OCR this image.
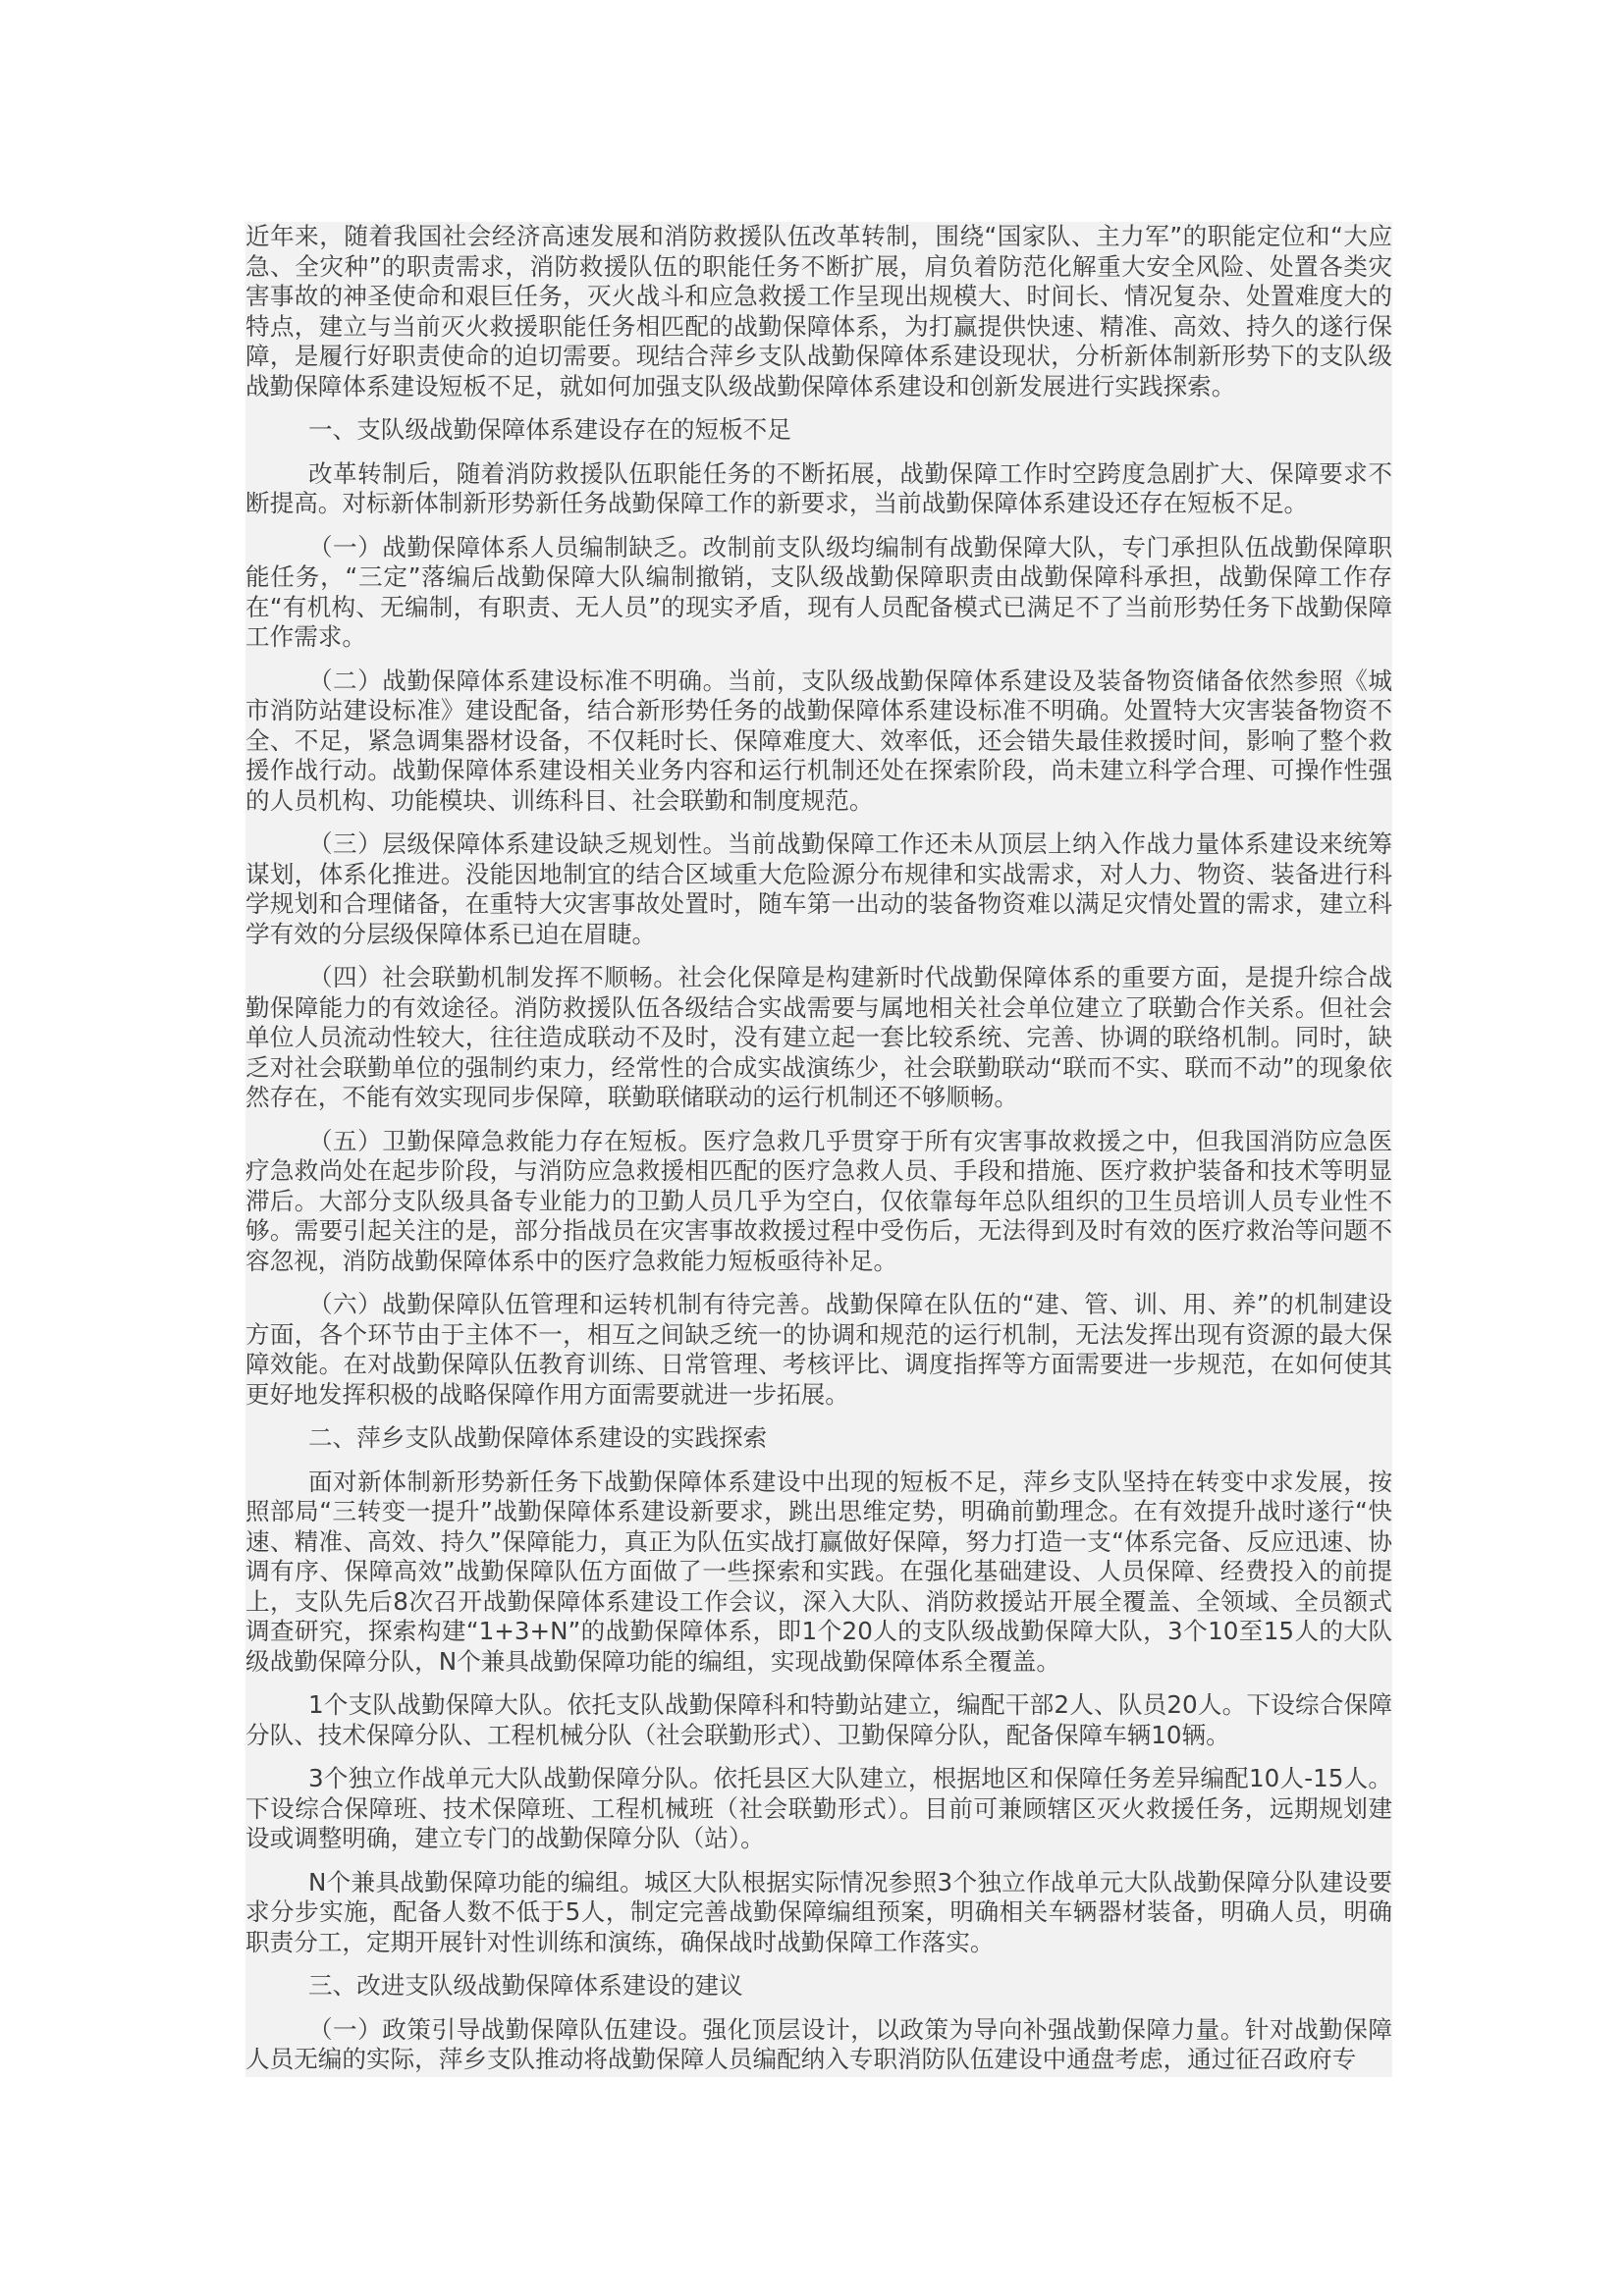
近年来，随着我国社会经济高速发展和消防救援队伍改革转制，围绕“国家队、主力军”的职能定位和“大应急、全灾种”的职责需求，消防救援队伍的职能任务不断扩展，肩负着防范化解重大安全风险、处置各类灾害事故的神圣使命和艰巨任务，灭火战斗和应急救援工作呈现出规模大、时间长、情况复杂、处置难度大的特点，建立与当前灭火救援职能任务相匹配的战勤保障体系，为打赢提供快速、精准、高效、持久的遂行保障，是履行好职责使命的迫切需要。现结合萍乡支队战勤保障体系建设现状，分析新体制新形势下的支队级战勤保障体系建设短板不足，就如何加强支队级战勤保障体系建设和创新发展进行实践探索。

一、支队级战勤保障体系建设存在的短板不足

改革转制后，随着消防救援队伍职能任务的不断拓展，战勤保障工作时空跨度急剧扩大、保障要求不断提高。对标新体制新形势新任务战勤保障工作的新要求，当前战勤保障体系建设还存在短板不足。

（一）战勤保障体系人员编制缺乏。改制前支队级均编制有战勤保障大队，专门承担队伍战勤保障职能任务，“三定”落编后战勤保障大队编制撤销，支队级战勤保障职责由战勤保障科承担，战勤保障工作存在“有机构、无编制，有职责、无人员”的现实矛盾，现有人员配备模式已满足不了当前形势任务下战勤保障工作需求。

（二）战勤保障体系建设标准不明确。当前，支队级战勤保障体系建设及装备物资储备依然参照《城市消防站建设标准》建设配备，结合新形势任务的战勤保障体系建设标准不明确。处置特大灾害装备物资不全、不足，紧急调集器材设备，不仅耗时长、保障难度大、效率低，还会错失最佳救援时间，影响了整个救援作战行动。战勤保障体系建设相关业务内容和运行机制还处在探索阶段，尚未建立科学合理、可操作性强的人员机构、功能模块、训练科目、社会联勤和制度规范。

（三）层级保障体系建设缺乏规划性。当前战勤保障工作还未从顶层上纳入作战力量体系建设来统筹谋划，体系化推进。没能因地制宜的结合区域重大危险源分布规律和实战需求，对人力、物资、装备进行科学规划和合理储备，在重特大灾害事故处置时，随车第一出动的装备物资难以满足灾情处置的需求，建立科学有效的分层级保障体系已迫在眉睫。

（四）社会联勤机制发挥不顺畅。社会化保障是构建新时代战勤保障体系的重要方面，是提升综合战勤保障能力的有效途径。消防救援队伍各级结合实战需要与属地相关社会单位建立了联勤合作关系。但社会单位人员流动性较大，往往造成联动不及时，没有建立起一套比较系统、完善、协调的联络机制。同时，缺乏对社会联勤单位的强制约束力，经常性的合成实战演练少，社会联勤联动“联而不实、联而不动”的现象依然存在，不能有效实现同步保障，联勤联储联动的运行机制还不够顺畅。

（五）卫勤保障急救能力存在短板。医疗急救几乎贯穿于所有灾害事故救援之中，但我国消防应急医疗急救尚处在起步阶段，与消防应急救援相匹配的医疗急救人员、手段和措施、医疗救护装备和技术等明显滞后。大部分支队级具备专业能力的卫勤人员几乎为空白，仅依靠每年总队组织的卫生员培训人员专业性不够。需要引起关注的是，部分指战员在灾害事故救援过程中受伤后，无法得到及时有效的医疗救治等问题不容忽视，消防战勤保障体系中的医疗急救能力短板亟待补足。

（六）战勤保障队伍管理和运转机制有待完善。战勤保障在队伍的“建、管、训、用、养”的机制建设方面，各个环节由于主体不一，相互之间缺乏统一的协调和规范的运行机制，无法发挥出现有资源的最大保障效能。在对战勤保障队伍教育训练、日常管理、考核评比、调度指挥等方面需要进一步规范，在如何使其更好地发挥积极的战略保障作用方面需要就进一步拓展。

二、萍乡支队战勤保障体系建设的实践探索

面对新体制新形势新任务下战勤保障体系建设中出现的短板不足，萍乡支队坚持在转变中求发展，按照部局“三转变一提升”战勤保障体系建设新要求，跳出思维定势，明确前勤理念。在有效提升战时遂行“快速、精准、高效、持久”保障能力，真正为队伍实战打赢做好保障，努力打造一支“体系完备、反应迅速、协调有序、保障高效”战勤保障队伍方面做了一些探索和实践。在强化基础建设、人员保障、经费投入的前提上，支队先后8次召开战勤保障体系建设工作会议，深入大队、消防救援站开展全覆盖、全领域、全员额式调查研究，探索构建“1+3+N”的战勤保障体系，即1个20人的支队级战勤保障大队，3个10至15人的大队级战勤保障分队，N个兼具战勤保障功能的编组，实现战勤保障体系全覆盖。

1个支队战勤保障大队。依托支队战勤保障科和特勤站建立，编配干部2人、队员20人。下设综合保障分队、技术保障分队、工程机械分队（社会联勤形式）、卫勤保障分队，配备保障车辆10辆。

3个独立作战单元大队战勤保障分队。依托县区大队建立，根据地区和保障任务差异编配10人-15人。下设综合保障班、技术保障班、工程机械班（社会联勤形式）。目前可兼顾辖区灭火救援任务，远期规划建设或调整明确，建立专门的战勤保障分队（站）。

N个兼具战勤保障功能的编组。城区大队根据实际情况参照3个独立作战单元大队战勤保障分队建设要求分步实施，配备人数不低于5人，制定完善战勤保障编组预案，明确相关车辆器材装备，明确人员，明确职责分工，定期开展针对性训练和演练，确保战时战勤保障工作落实。

三、改进支队级战勤保障体系建设的建议

（一）政策引导战勤保障队伍建设。强化顶层设计，以政策为导向补强战勤保障力量。针对战勤保障人员无编的实际，萍乡支队推动将战勤保障人员编配纳入专职消防队伍建设中通盘考虑，通过征召政府专
